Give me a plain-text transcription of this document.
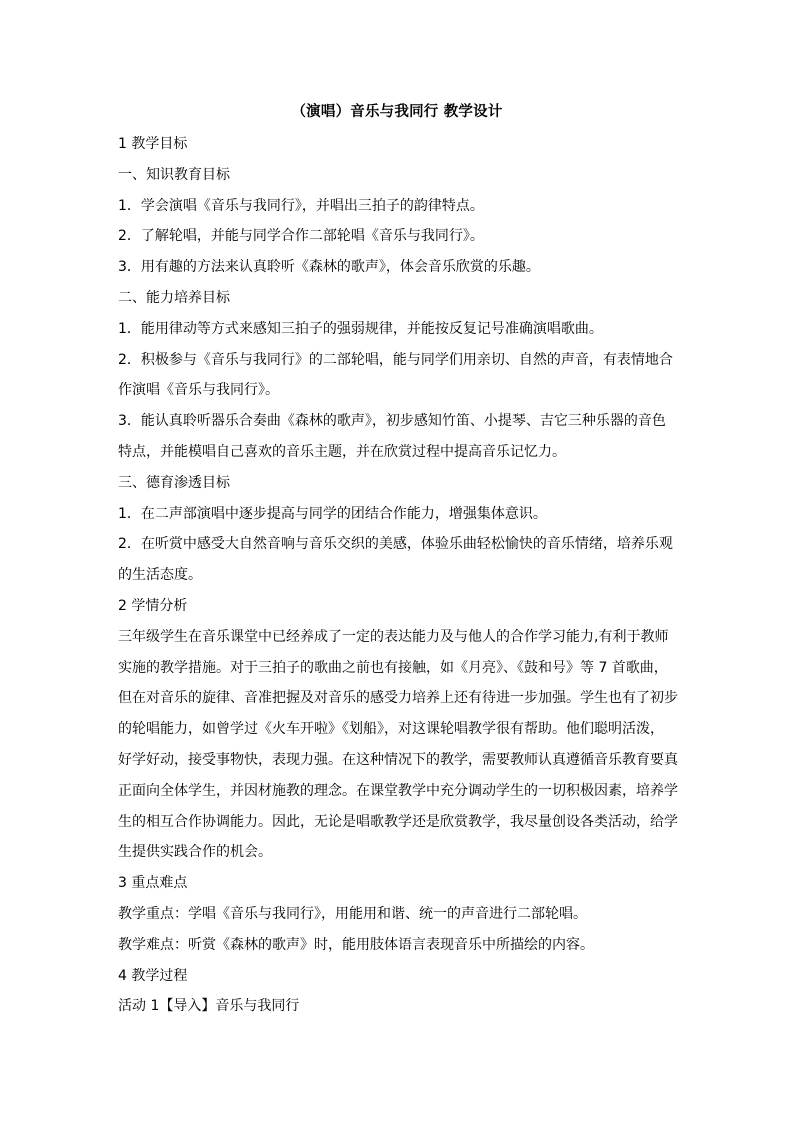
（演唱）音乐与我同行 教学设计

1 教学目标

一、知识教育目标

1．学会演唱《音乐与我同行》，并唱出三拍子的韵律特点。

2．了解轮唱，并能与同学合作二部轮唱《音乐与我同行》。

3．用有趣的方法来认真聆听《森林的歌声》，体会音乐欣赏的乐趣。

二、能力培养目标

1．能用律动等方式来感知三拍子的强弱规律，并能按反复记号准确演唱歌曲。

2．积极参与《音乐与我同行》的二部轮唱，能与同学们用亲切、自然的声音，有表情地合

作演唱《音乐与我同行》。

3．能认真聆听器乐合奏曲《森林的歌声》，初步感知竹笛、小提琴、吉它三种乐器的音色

特点，并能模唱自己喜欢的音乐主题，并在欣赏过程中提高音乐记忆力。

三、德育渗透目标

1．在二声部演唱中逐步提高与同学的团结合作能力，增强集体意识。

2．在听赏中感受大自然音响与音乐交织的美感，体验乐曲轻松愉快的音乐情绪，培养乐观

的生活态度。

2 学情分析

三年级学生在音乐课堂中已经养成了一定的表达能力及与他人的合作学习能力,有利于教师

实施的教学措施。对于三拍子的歌曲之前也有接触，如《月亮》、《鼓和号》等 7 首歌曲，

但在对音乐的旋律、音准把握及对音乐的感受力培养上还有待进一步加强。学生也有了初步

的轮唱能力，如曾学过《火车开啦》《划船》，对这课轮唱教学很有帮助。他们聪明活泼，

好学好动，接受事物快，表现力强。在这种情况下的教学，需要教师认真遵循音乐教育要真

正面向全体学生，并因材施教的理念。在课堂教学中充分调动学生的一切积极因素，培养学

生的相互合作协调能力。因此，无论是唱歌教学还是欣赏教学，我尽量创设各类活动，给学

生提供实践合作的机会。

3 重点难点

教学重点：学唱《音乐与我同行》，用能用和谐、统一的声音进行二部轮唱。

教学难点：听赏《森林的歌声》时，能用肢体语言表现音乐中所描绘的内容。

4 教学过程

活动 1【导入】音乐与我同行
